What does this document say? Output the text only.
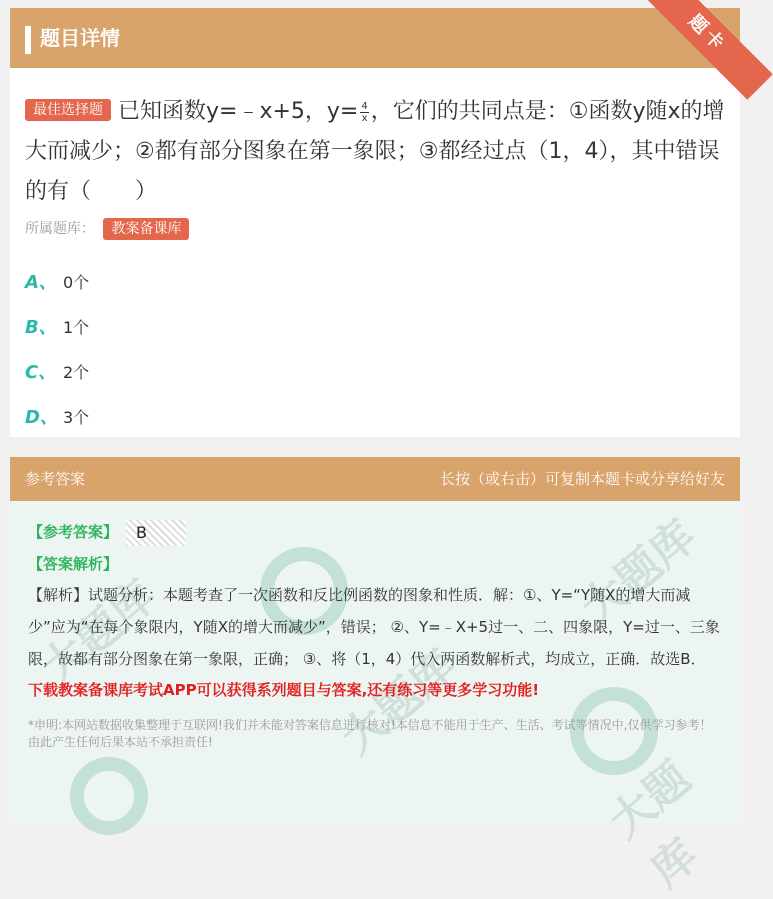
题目详情	题卡
最佳选择题 已知函数y=﹣x+5，$y= \frac{4}{x}$ ，它们的共同点是：①函数y随x的增大而减少；②都有部分图象在第一象限；③都经过点（1，4），其中错误的有（　　）
所属题库： 教案备课库
A、 0个
B、 1个
C、 2个
D、 3个
参考答案	长按（或右击）可复制本题卡或分享给好友
大题库
大题库
大题库
大题库
【参考答案】 B
【答案解析】
【解析】试题分析：本题考查了一次函数和反比例函数的图象和性质．解：①、Y=“Y随X的增大而减少”应为“在每个象限内，Y随X的增大而减少”，错误； ②、Y=﹣X+5过一、二、四象限，Y=过一、三象限，故都有部分图象在第一象限，正确； ③、将（1，4）代入两函数解析式，均成立，正确．故选B．
下载教案备课库考试APP可以获得系列题目与答案,还有练习等更多学习功能!
*申明:本网站数据收集整理于互联网!我们并未能对答案信息进行核对!本信息不能用于生产、生活、考试等情况中,仅供学习参考！由此产生任何后果本站不承担责任!
